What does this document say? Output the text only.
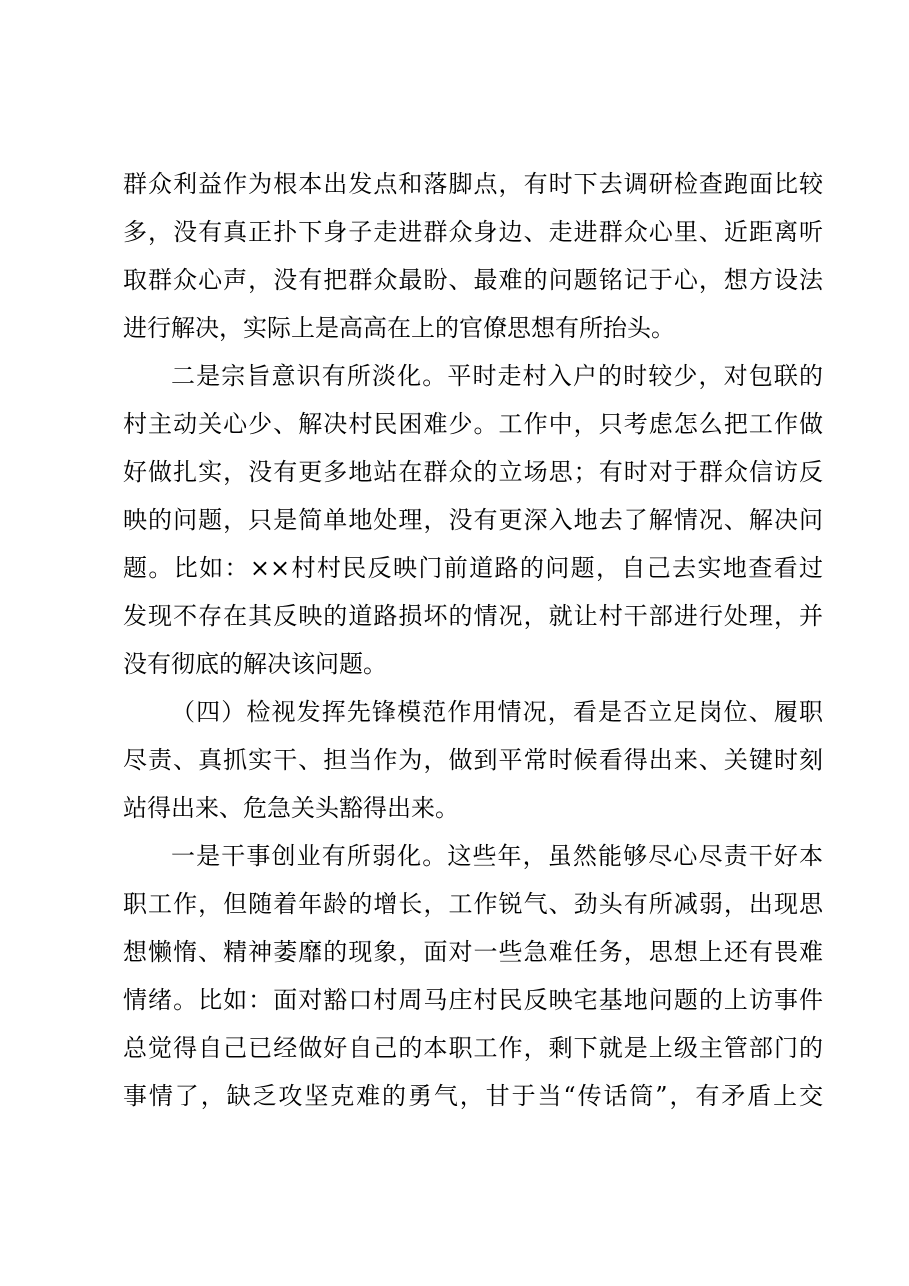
群众利益作为根本出发点和落脚点，有时下去调研检查跑面比较
多，没有真正扑下身子走进群众身边、走进群众心里、近距离听
取群众心声，没有把群众最盼、最难的问题铭记于心，想方设法
进行解决，实际上是高高在上的官僚思想有所抬头。
二是宗旨意识有所淡化。平时走村入户的时较少，对包联的
村主动关心少、解决村民困难少。工作中，只考虑怎么把工作做
好做扎实，没有更多地站在群众的立场思；有时对于群众信访反
映的问题，只是简单地处理，没有更深入地去了解情况、解决问
题。比如：××村村民反映门前道路的问题，自己去实地查看过
发现不存在其反映的道路损坏的情况，就让村干部进行处理，并
没有彻底的解决该问题。
（四）检视发挥先锋模范作用情况，看是否立足岗位、履职
尽责、真抓实干、担当作为，做到平常时候看得出来、关键时刻
站得出来、危急关头豁得出来。
一是干事创业有所弱化。这些年，虽然能够尽心尽责干好本
职工作，但随着年龄的增长，工作锐气、劲头有所减弱，出现思
想懒惰、精神萎靡的现象，面对一些急难任务，思想上还有畏难
情绪。比如：面对豁口村周马庄村民反映宅基地问题的上访事件
总觉得自己已经做好自己的本职工作，剩下就是上级主管部门的
事情了，缺乏攻坚克难的勇气，甘于当“传话筒”，有矛盾上交
